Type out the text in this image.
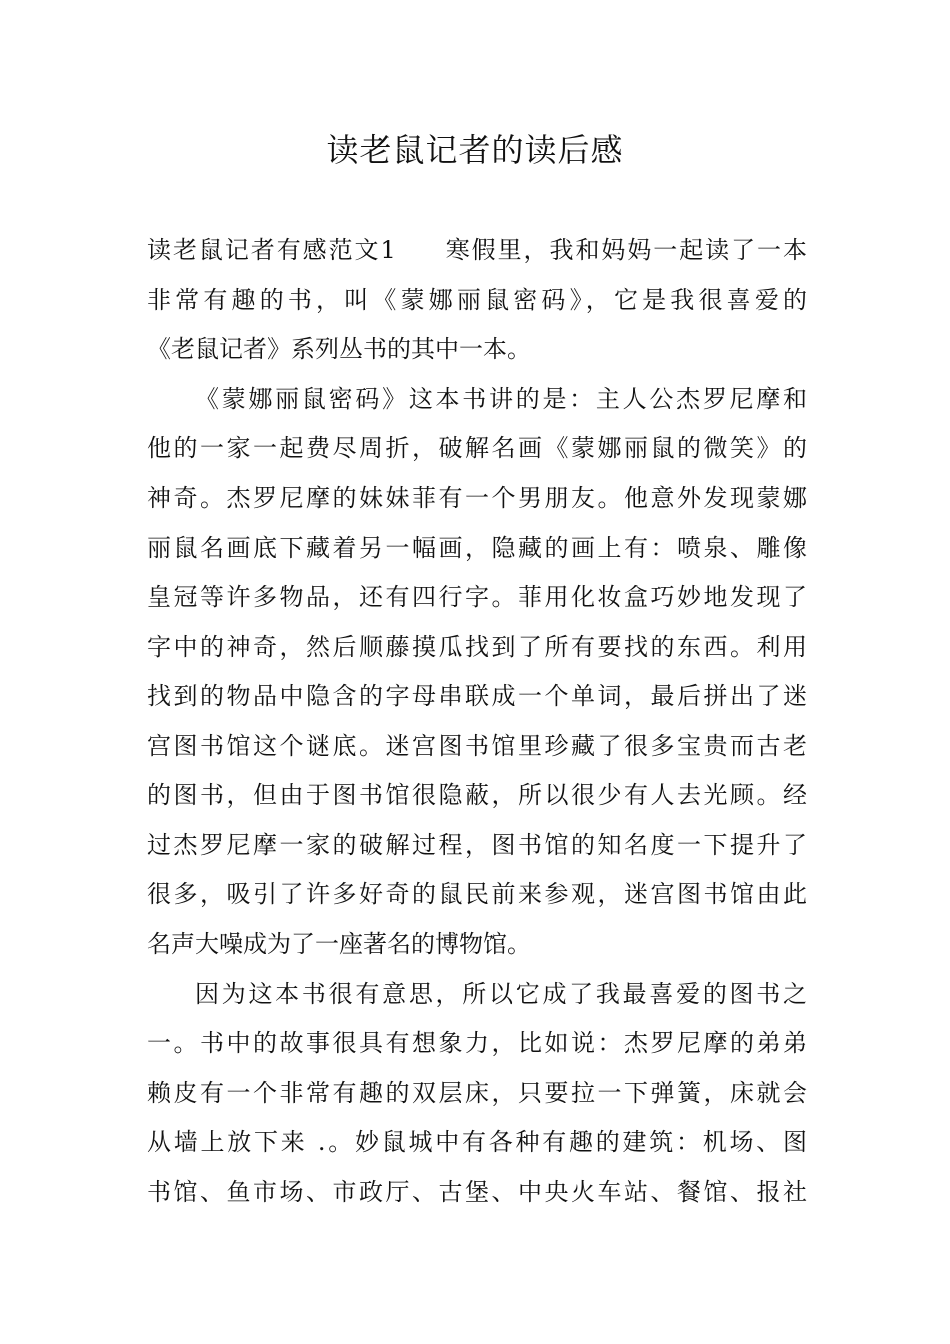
读老鼠记者的读后感
读老鼠记者有感范文1 寒假里，我和妈妈一起读了一本
非常有趣的书，叫《蒙娜丽鼠密码》，它是我很喜爱的
《老鼠记者》系列丛书的其中一本。
《蒙娜丽鼠密码》这本书讲的是：主人公杰罗尼摩和
他的一家一起费尽周折，破解名画《蒙娜丽鼠的微笑》的
神奇。杰罗尼摩的妹妹菲有一个男朋友。他意外发现蒙娜
丽鼠名画底下藏着另一幅画，隐藏的画上有：喷泉、雕像
皇冠等许多物品，还有四行字。菲用化妆盒巧妙地发现了
字中的神奇，然后顺藤摸瓜找到了所有要找的东西。利用
找到的物品中隐含的字母串联成一个单词，最后拼出了迷
宫图书馆这个谜底。迷宫图书馆里珍藏了很多宝贵而古老
的图书，但由于图书馆很隐蔽，所以很少有人去光顾。经
过杰罗尼摩一家的破解过程，图书馆的知名度一下提升了
很多，吸引了许多好奇的鼠民前来参观，迷宫图书馆由此
名声大噪成为了一座著名的博物馆。
因为这本书很有意思，所以它成了我最喜爱的图书之
一。书中的故事很具有想象力，比如说：杰罗尼摩的弟弟
赖皮有一个非常有趣的双层床，只要拉一下弹簧，床就会
从墙上放下来 .。妙鼠城中有各种有趣的建筑：机场、图
书馆、鱼市场、市政厅、古堡、中央火车站、餐馆、报社
